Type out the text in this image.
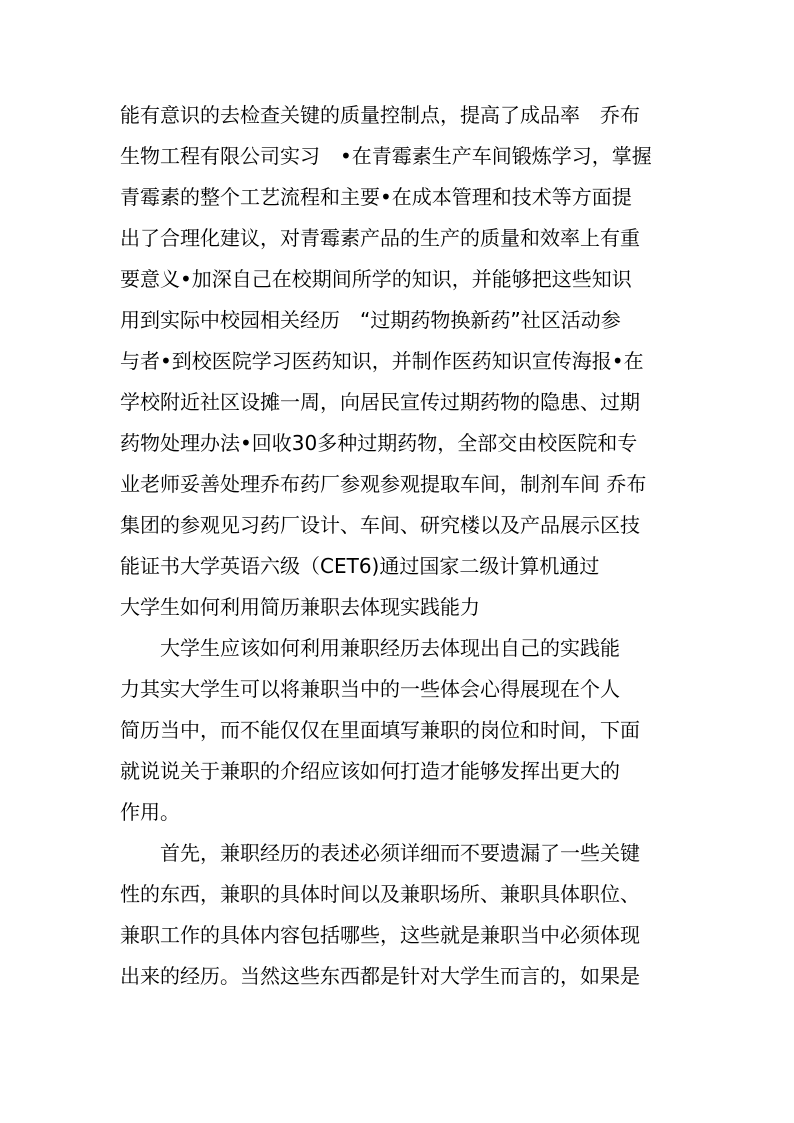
能有意识的去检查关键的质量控制点，提高了成品率　乔布
生物工程有限公司实习　•在青霉素生产车间锻炼学习，掌握
青霉素的整个工艺流程和主要•在成本管理和技术等方面提
出了合理化建议，对青霉素产品的生产的质量和效率上有重
要意义•加深自己在校期间所学的知识，并能够把这些知识
用到实际中校园相关经历　“过期药物换新药”社区活动参
与者•到校医院学习医药知识，并制作医药知识宣传海报•在
学校附近社区设摊一周，向居民宣传过期药物的隐患、过期
药物处理办法•回收30多种过期药物，全部交由校医院和专
业老师妥善处理乔布药厂参观参观提取车间，制剂车间 乔布
集团的参观见习药厂设计、车间、研究楼以及产品展示区技
能证书大学英语六级（CET6)通过国家二级计算机通过
大学生如何利用简历兼职去体现实践能力
大学生应该如何利用兼职经历去体现出自己的实践能
力其实大学生可以将兼职当中的一些体会心得展现在个人
简历当中，而不能仅仅在里面填写兼职的岗位和时间，下面
就说说关于兼职的介绍应该如何打造才能够发挥出更大的
作用。
首先，兼职经历的表述必须详细而不要遗漏了一些关键
性的东西，兼职的具体时间以及兼职场所、兼职具体职位、
兼职工作的具体内容包括哪些，这些就是兼职当中必须体现
出来的经历。当然这些东西都是针对大学生而言的，如果是
